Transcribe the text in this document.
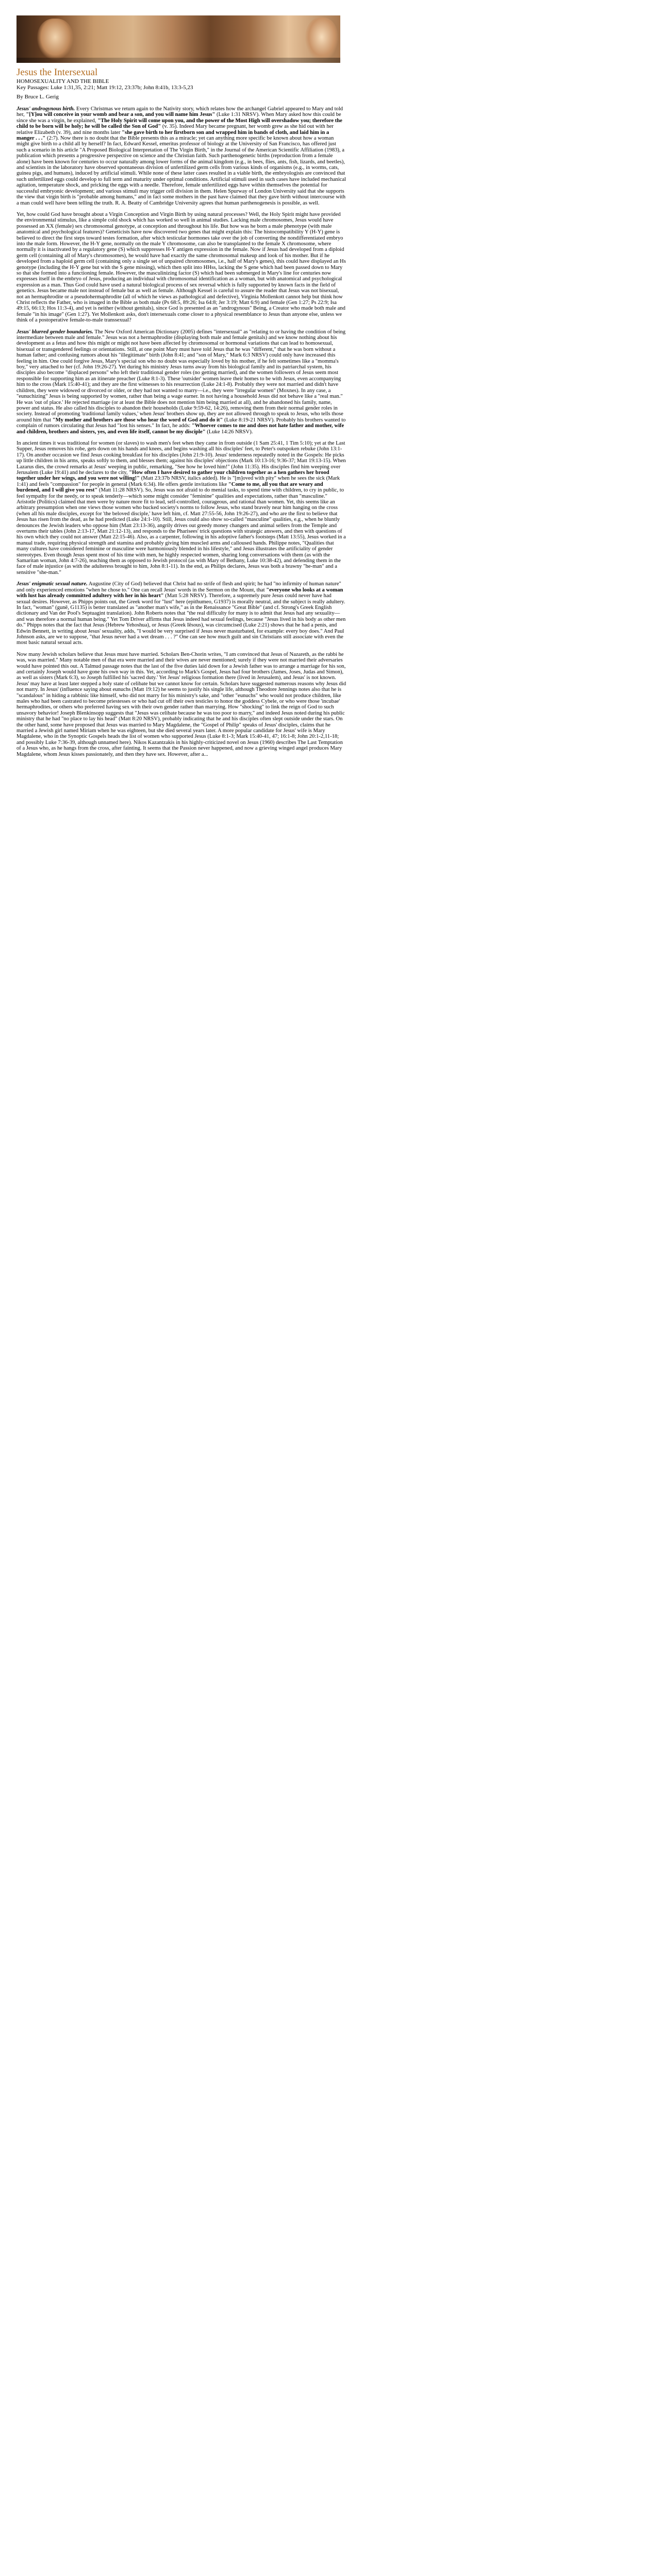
Jesus the Intersexual
HOMOSEXUALITY AND THE BIBLE
Key Passages: Luke 1:31,35, 2:21; Matt 19:12, 23:37b; John 8:41b, 13:3-5,23
By Bruce L. Gerig

Jesus' androgynous birth. Every Christmas we return again to the Nativity story, which relates how the archangel Gabriel appeared to Mary and told her, "[Y]ou will conceive in your womb and bear a son, and you will name him Jesus" (Luke 1:31 NRSV). When Mary asked how this could be since she was a virgin, he explained, "The Holy Spirit will come upon you, and the power of the Most High will overshadow you; therefore the child to be born will be holy; he will be called the Son of God" (v. 35). Indeed Mary became pregnant, her womb grew as she hid out with her relative Elizabeth (v. 39), and nine months later "she gave birth to her firstborn son and wrapped him in bands of cloth, and laid him in a manger . . ." (2:7). Now there is no doubt that the Bible presents this as a miracle; yet can anything more specific be known about how a woman might give birth to a child all by herself? In fact, Edward Kessel, emeritus professor of biology at the University of San Francisco, has offered just such a scenario in his article "A Proposed Biological Interpretation of The Virgin Birth," in the Journal of the American Scientific Affiliation (1983), a publication which presents a progressive perspective on science and the Christian faith. Such parthenogenetic births (reproduction from a female alone) have been known for centuries to occur naturally among lower forms of the animal kingdom (e.g., in bees, flies, ants, fish, lizards, and beetles), and scientists in the laboratory have observed spontaneous division of unfertilized germ cells from various kinds of organisms (e.g., in worms, cats, guinea pigs, and humans), induced by artificial stimuli. While none of these latter cases resulted in a viable birth, the embryologists are convinced that such unfertilized eggs could develop to full term and maturity under optimal conditions. Artificial stimuli used in such cases have included mechanical agitation, temperature shock, and pricking the eggs with a needle. Therefore, female unfertilized eggs have within themselves the potential for successful embryonic development; and various stimuli may trigger cell division in them. Helen Spurway of London University said that she supports the view that virgin birth is "probable among humans," and in fact some mothers in the past have claimed that they gave birth without intercourse with a man could well have been telling the truth. R. A. Beatty of Cambridge University agrees that human parthenogenesis is possible, as well.

Yet, how could God have brought about a Virgin Conception and Virgin Birth by using natural processes? Well, the Holy Spirit might have provided the environmental stimulus, like a simple cold shock which has worked so well in animal studies. Lacking male chromosomes, Jesus would have possessed an XX (female) sex chromosomal genotype, at conception and throughout his life. But how was he born a male phenotype (with male anatomical and psychological features)? Geneticists have now discovered two genes that might explain this: The histocompatibility Y (H-Y) gene is believed to direct the first steps toward testes formation, after which testicular hormones take over the job of converting the nondifferentiated embryo into the male form. However, the H-Y gene, normally on the male Y chromosome, can also be transplanted to the female X chromosome, where normally it is inactivated by a regulatory gene (S) which suppresses H-Y antigen expression in the female. Now if Jesus had developed from a diploid germ cell (containing all of Mary's chromosomes), he would have had exactly the same chromosomal makeup and look of his mother. But if he developed from a haploid germ cell (containing only a single set of unpaired chromosomes, i.e., half of Mary's genes), this could have displayed an Hs genotype (including the H-Y gene but with the S gene missing), which then split into HHss, lacking the S gene which had been passed down to Mary so that she formed into a functioning female. However, the masculinizing factor (S) which had been submerged in Mary's line for centuries now expresses itself in the embryo of Jesus, producing an individual with chromosomal identification as a woman, but with anatomical and psychological expression as a man. Thus God could have used a natural biological process of sex reversal which is fully supported by known facts in the field of genetics. Jesus became male not instead of female but as well as female. Although Kessel is careful to assure the reader that Jesus was not bisexual, not an hermaphrodite or a pseudohermaphrodite (all of which he views as pathological and defective), Virginia Mollenkott cannot help but think how Christ reflects the Father, who is imaged in the Bible as both male (Ps 68:5, 89:26; Isa 64:8; Jer 3:19; Matt 6:9) and female (Gen 1:27; Ps 22:9; Isa 49:15, 66:13; Hos 11:3-4), and yet is neither (without genitals), since God is presented as an "androgynous" Being, a Creator who made both male and female "in his image" (Gen 1:27). Yet Mollenkott asks, don't intersexuals come closer to a physical resemblance to Jesus than anyone else, unless we think of a postoperative female-to-male transsexual?

Jesus' blurred gender boundaries. The New Oxford American Dictionary (2005) defines "intersexual" as "relating to or having the condition of being intermediate between male and female." Jesus was not a hermaphrodite (displaying both male and female genitals) and we know nothing about his development as a fetus and how this might or might not have been affected by chromosomal or hormonal variations that can lead to homosexual, bisexual or transgendered feelings or orientations. Still, at one point Mary must have told Jesus that he was "different," that he was born without a human father; and confusing rumors about his "illegitimate" birth (John 8:41; and "son of Mary," Mark 6:3 NRSV) could only have increased this feeling in him. One could forgive Jesus, Mary's special son who no doubt was especially loved by his mother, if he felt sometimes like a "momma's boy," very attached to her (cf. John 19:26-27). Yet during his ministry Jesus turns away from his biological family and its patriarchal system, his disciples also become "displaced persons" who left their traditional gender roles (no getting married), and the women followers of Jesus seem most responsible for supporting him as an itinerate preacher (Luke 8:1-3). These 'outsider' women leave their homes to be with Jesus, even accompanying him to the cross (Mark 15:40-41); and they are the first witnesses to his resurrection (Luke 24:1-8). Probably they were not married and didn't have children, they were widowed or divorced or older, or they had not wanted to marry—i.e., they were "irregular women" (Moxnes). In any case, a "eunuchizing" Jesus is being supported by women, rather than being a wage earner. In not having a household Jesus did not behave like a "real man." He was 'out of place.' He rejected marriage (or at least the Bible does not mention him being married at all), and he abandoned his family, name, power and status. He also called his disciples to abandon their households (Luke 9:59-62, 14:26), removing them from their normal gender roles in society. Instead of promoting 'traditional family values,' when Jesus' brothers show up, they are not allowed through to speak to Jesus, who tells those around him that "My mother and brothers are those who hear the word of God and do it" (Luke 8:19-21 NRSV). Probably his brothers wanted to complain of rumors circulating that Jesus had "lost his senses." In fact, he adds: "Whoever comes to me and does not hate father and mother, wife and children, brothers and sisters, yes, and even life itself, cannot be my disciple" (Luke 14:26 NRSV).

In ancient times it was traditional for women (or slaves) to wash men's feet when they came in from outside (1 Sam 25:41, 1 Tim 5:10); yet at the Last Supper, Jesus removes his robe, gets down on his hands and knees, and begins washing all his disciples' feet, to Peter's outspoken rebuke (John 13:1-17). On another occasion we find Jesus cooking breakfast for his disciples (John 21:9-10). Jesus' tenderness repeatedly noted in the Gospels: He picks up little children in his arms, speaks softly to them, and blesses them; against his disciples' objections (Mark 10:13-16; 9:36-37; Matt 19:13-15). When Lazarus dies, the crowd remarks at Jesus' weeping in public, remarking, "See how he loved him!" (John 11:35). His disciples find him weeping over Jerusalem (Luke 19:41) and he declares to the city, "How often I have desired to gather your children together as a hen gathers her brood together under her wings, and you were not willing!" (Matt 23:37b NRSV, italics added). He is "[m]oved with pity" when he sees the sick (Mark 1:41) and feels "compassion" for people in general (Mark 6:34). He offers gentle invitations like "Come to me, all you that are weary and burdened, and I will give you rest" (Matt 11:28 NRSV). So, Jesus was not afraid to do menial tasks, to spend time with children, to cry in public, to feel sympathy for the needy, or to speak tenderly—which some might consider "feminine" qualities and expectations, rather than "masculine." Aristotle (Politics) claimed that men were by nature more fit to lead, self-controlled, courageous, and rational than women. Yet, this seems like an arbitrary presumption when one views those women who bucked society's norms to follow Jesus, who stand bravely near him hanging on the cross (when all his male disciples, except for 'the beloved disciple,' have left him, cf. Matt 27:55-56, John 19:26-27), and who are the first to believe that Jesus has risen from the dead, as he had predicted (Luke 24:1-10). Still, Jesus could also show so-called "masculine" qualities, e.g., when he bluntly denounces the Jewish leaders who oppose him (Matt 23:13-36), angrily drives out greedy money changers and animal sellers from the Temple and overturns their tables (John 2:13-17, Matt 21:12-13), and responds to the Pharisees' trick questions with strategic answers, and then with questions of his own which they could not answer (Matt 22:15-46). Also, as a carpenter, following in his adoptive father's footsteps (Matt 13:55), Jesus worked in a manual trade, requiring physical strength and stamina and probably giving him muscled arms and calloused hands. Philippe notes, "Qualities that many cultures have considered feminine or masculine were harmoniously blended in his lifestyle," and Jesus illustrates the artificiality of gender stereotypes. Even though Jesus spent most of his time with men, he highly respected women, sharing long conversations with them (as with the Samaritan woman, John 4:7-26), teaching them as opposed to Jewish protocol (as with Mary of Bethany, Luke 10:38-42), and defending them in the face of male injustice (as with the adulteress brought to him, John 8:1-11). In the end, as Philips declares, Jesus was both a brawny "he-man" and a sensitive "she-man."

Jesus' enigmatic sexual nature. Augustine (City of God) believed that Christ had no strife of flesh and spirit; he had "no infirmity of human nature" and only experienced emotions "when he chose to." One can recall Jesus' words in the Sermon on the Mount, that "everyone who looks at a woman with lust has already committed adultery with her in his heart" (Matt 5:28 NRSV). Therefore, a supremely pure Jesus could never have had sexual desires. However, as Phipps points out, the Greek word for "lust" here (epithumeo, G1937) is morally neutral, and the subject is really adultery. In fact, "woman" (gunē, G1135) is better translated as "another man's wife," as in the Renaissance "Great Bible" (and cf. Strong's Greek English dictionary and Van der Pool's Septuagint translation). John Roberts notes that "the real difficulty for many is to admit that Jesus had any sexuality—and was therefore a normal human being." Yet Tom Driver affirms that Jesus indeed had sexual feelings, because "Jesus lived in his body as other men do." Phipps notes that the fact that Jesus (Hebrew Yehoshua), or Jesus (Greek Iēsous), was circumcised (Luke 2:21) shows that he had a penis, and Edwin Bennett, in writing about Jesus' sexuality, adds, "I would be very surprised if Jesus never masturbated, for example: every boy does." And Paul Johnson asks, are we to suppose, "that Jesus never had a wet dream . . . ?" One can see how much guilt and sin Christians still associate with even the most basic natural sexual acts.

Now many Jewish scholars believe that Jesus must have married. Scholars Ben-Chorin writes, "I am convinced that Jesus of Nazareth, as the rabbi he was, was married." Many notable men of that era were married and their wives are never mentioned; surely if they were not married their adversaries would have pointed this out. A Talmud passage notes that the last of the five duties laid down for a Jewish father was to arrange a marriage for his son, and certainly Joseph would have gone his own way in this. Yet, according to Mark's Gospel, Jesus had four brothers (James, Joses, Judas and Simon), as well as sisters (Mark 6:3), so Joseph fulfilled his 'sacred duty.' Yet Jesus' religious formation there (lived in Jerusalem), and Jesus' is not known. Jesus' may have at least later stepped a holy state of celibate but we cannot know for certain. Scholars have suggested numerous reasons why Jesus did not marry. In Jesus' (influence saying about eunuchs (Matt 19:12) he seems to justify his single life, although Theodore Jennings notes also that he is "scandalous" in hiding a rabbinic like himself, who did not marry for his ministry's sake, and "other "eunuchs" who would not produce children, like males who had been castrated to become priestesses or who had cut off their own testicles to honor the goddess Cybele, or who were those 'incubae' hermaphrodites, or others who preferred having sex with their own gender rather than marrying. How "shocking" to link the reign of God to such unsavory behavior! Joseph Blenkinsopp suggests that "Jesus was celibate because he was too poor to marry," and indeed Jesus noted during his public ministry that he had "no place to lay his head" (Matt 8:20 NRSV), probably indicating that he and his disciples often slept outside under the stars. On the other hand, some have proposed that Jesus was married to Mary Magdalene, the "Gospel of Philip" speaks of Jesus' disciples, claims that he married a Jewish girl named Miriam when he was eighteen, but she died several years later. A more popular candidate for Jesus' wife is Mary Magdalene, who in the Synoptic Gospels heads the list of women who supported Jesus (Luke 8:1-3; Mark 15:40-41, 47; 16:1-8; John 20:1-2,11-18; and possibly Luke 7:36-39, although unnamed here). Nikos Kazantzakis in his highly-criticized novel on Jesus (1960) describes The Last Temptation of a Jesus who, as he hangs from the cross, after fainting. It seems that the Passion never happened, and now a grieving winged angel produces Mary Magdalene, whom Jesus kisses passionately, and then they have sex. However, after a...
